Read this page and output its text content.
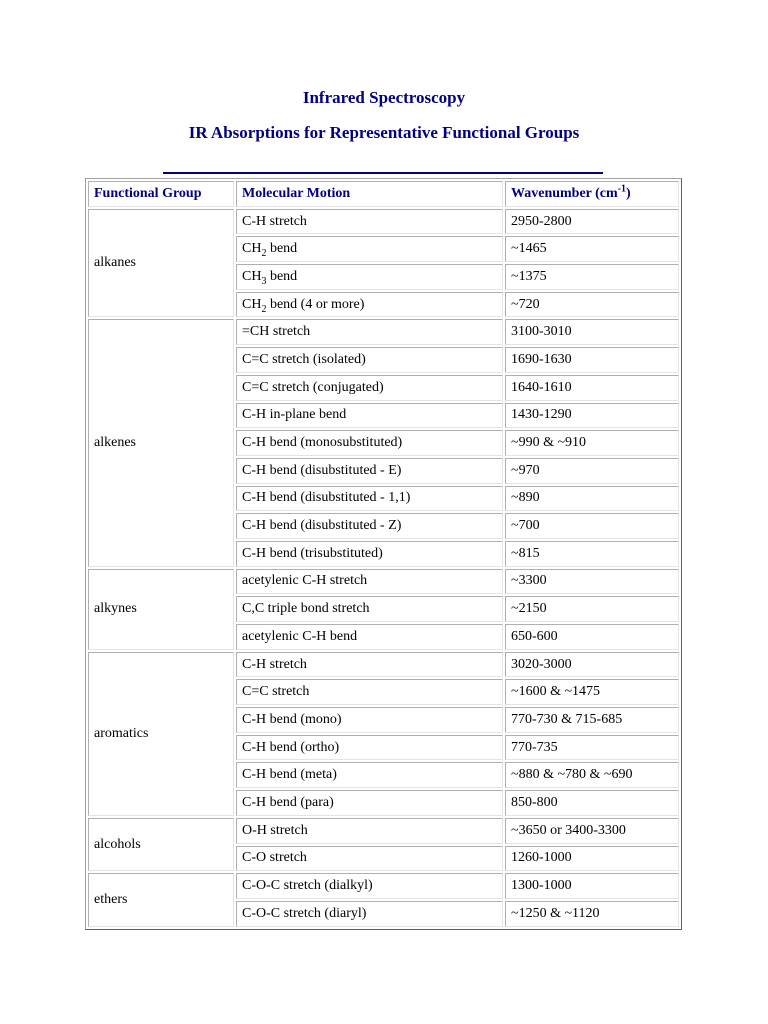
Infrared Spectroscopy
IR Absorptions for Representative Functional Groups
Functional Group	Molecular Motion	Wavenumber $(cm^{-1})$
alkanes	C-H stretch	2950-2800
	$CH_2$ bend	~1465
	$CH_3$ bend	~1375
	$CH_2$ bend (4 or more)	~720
alkenes	=CH stretch	3100-3010
	C=C stretch (isolated)	1690-1630
	C=C stretch (conjugated)	1640-1610
	C-H in-plane bend	1430-1290
	C-H bend (monosubstituted)	~990 & ~910
	C-H bend (disubstituted - E)	~970
	C-H bend (disubstituted - 1,1)	~890
	C-H bend (disubstituted - Z)	~700
	C-H bend (trisubstituted)	~815
alkynes	acetylenic C-H stretch	~3300
	C,C triple bond stretch	~2150
	acetylenic C-H bend	650-600
aromatics	C-H stretch	3020-3000
	C=C stretch	~1600 & ~1475
	C-H bend (mono)	770-730 & 715-685
	C-H bend (ortho)	770-735
	C-H bend (meta)	~880 & ~780 & ~690
	C-H bend (para)	850-800
alcohols	O-H stretch	~3650 or 3400-3300
	C-O stretch	1260-1000
ethers	C-O-C stretch (dialkyl)	1300-1000
	C-O-C stretch (diaryl)	~1250 & ~1120
